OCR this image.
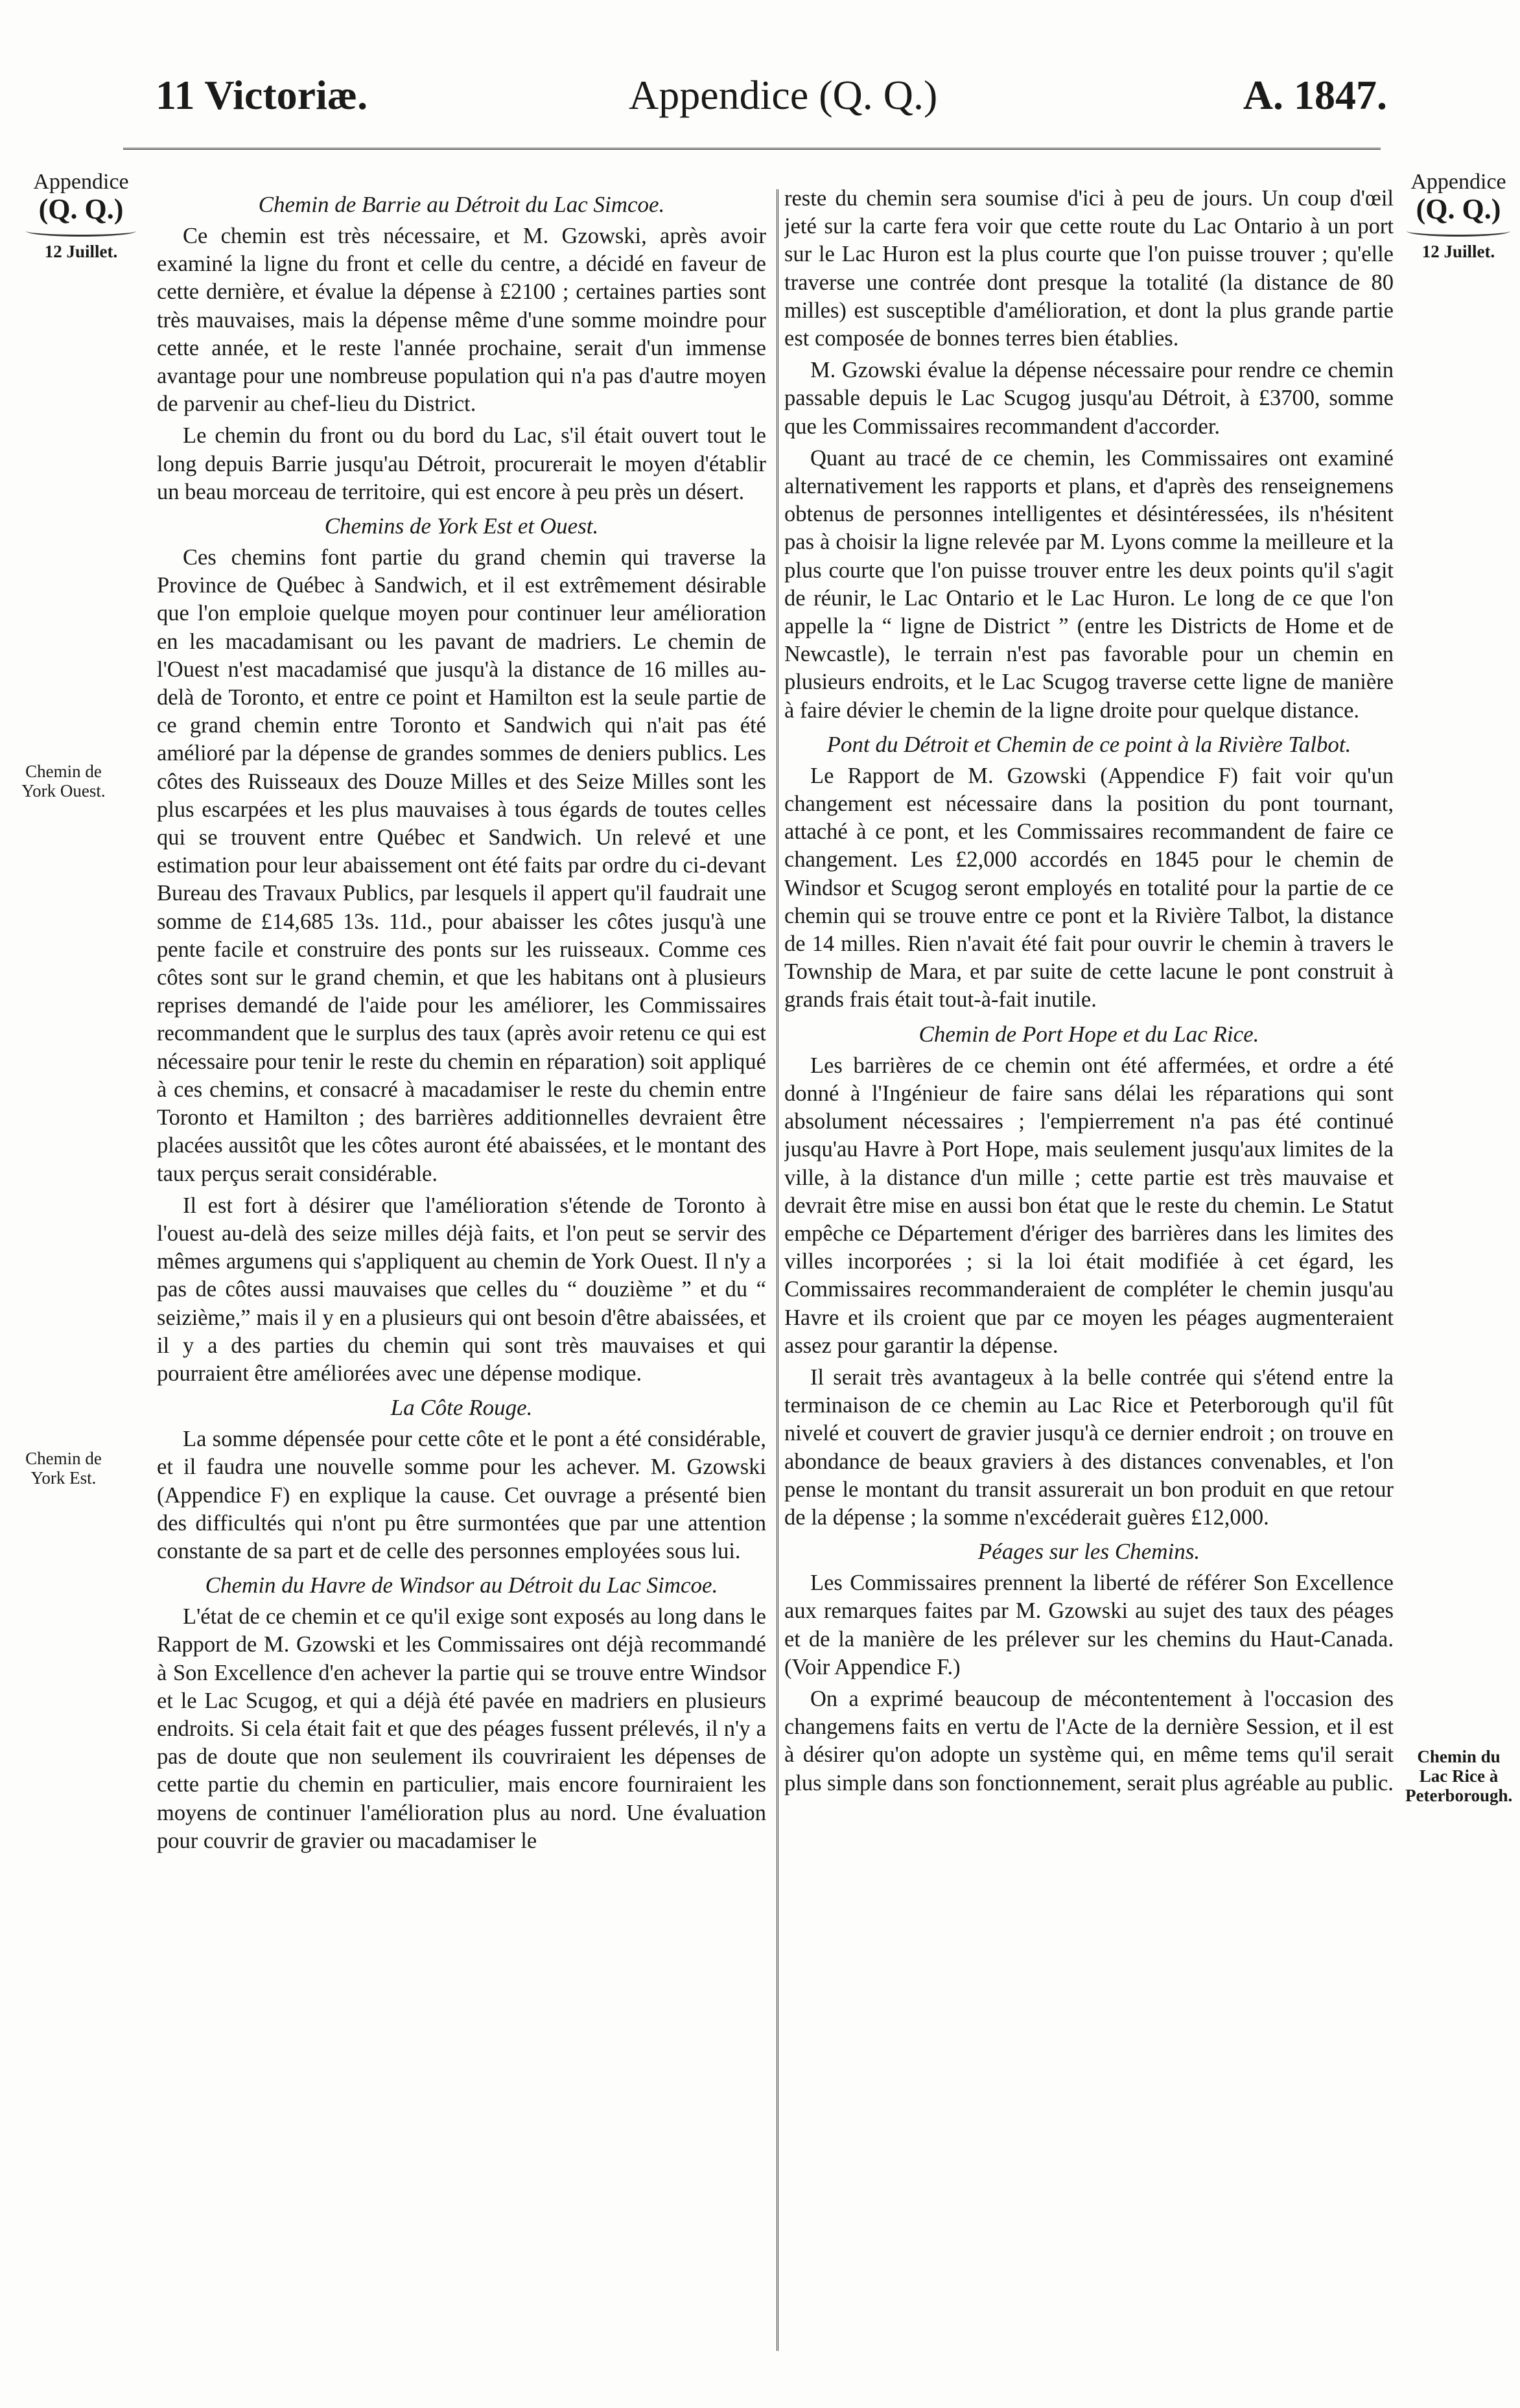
11 Victoriæ.	Appendice (Q. Q.)	A. 1847.
Appendice
(Q. Q.)
12 Juillet.
Chemin de York Ouest.
Chemin de York Est.
Appendice
(Q. Q.)
12 Juillet.
Chemin du Lac Rice à Peterborough.
Chemin de Barrie au Détroit du Lac Simcoe.

Ce chemin est très nécessaire, et M. Gzowski, après avoir examiné la ligne du front et celle du centre, a décidé en faveur de cette dernière, et évalue la dépense à £2100 ; certaines parties sont très mauvaises, mais la dépense même d'une somme moindre pour cette année, et le reste l'année prochaine, serait d'un immense avantage pour une nombreuse population qui n'a pas d'autre moyen de parvenir au chef-lieu du District.

Le chemin du front ou du bord du Lac, s'il était ouvert tout le long depuis Barrie jusqu'au Détroit, procurerait le moyen d'établir un beau morceau de territoire, qui est encore à peu près un désert.

Chemins de York Est et Ouest.

Ces chemins font partie du grand chemin qui traverse la Province de Québec à Sandwich, et il est extrêmement désirable que l'on emploie quelque moyen pour continuer leur amélioration en les macadamisant ou les pavant de madriers. Le chemin de l'Ouest n'est macadamisé que jusqu'à la distance de 16 milles au-delà de Toronto, et entre ce point et Hamilton est la seule partie de ce grand chemin entre Toronto et Sandwich qui n'ait pas été amélioré par la dépense de grandes sommes de deniers publics. Les côtes des Ruisseaux des Douze Milles et des Seize Milles sont les plus escarpées et les plus mauvaises à tous égards de toutes celles qui se trouvent entre Québec et Sandwich. Un relevé et une estimation pour leur abaissement ont été faits par ordre du ci-devant Bureau des Travaux Publics, par lesquels il appert qu'il faudrait une somme de £14,685 13s. 11d., pour abaisser les côtes jusqu'à une pente facile et construire des ponts sur les ruisseaux. Comme ces côtes sont sur le grand chemin, et que les habitans ont à plusieurs reprises demandé de l'aide pour les améliorer, les Commissaires recommandent que le surplus des taux (après avoir retenu ce qui est nécessaire pour tenir le reste du chemin en réparation) soit appliqué à ces chemins, et consacré à macadamiser le reste du chemin entre Toronto et Hamilton ; des barrières additionnelles devraient être placées aussitôt que les côtes auront été abaissées, et le montant des taux perçus serait considérable.

Il est fort à désirer que l'amélioration s'étende de Toronto à l'ouest au-delà des seize milles déjà faits, et l'on peut se servir des mêmes argumens qui s'appliquent au chemin de York Ouest. Il n'y a pas de côtes aussi mauvaises que celles du “ douzième ” et du “ seizième,” mais il y en a plusieurs qui ont besoin d'être abaissées, et il y a des parties du chemin qui sont très mauvaises et qui pourraient être améliorées avec une dépense modique.

La Côte Rouge.

La somme dépensée pour cette côte et le pont a été considérable, et il faudra une nouvelle somme pour les achever. M. Gzowski (Appendice F) en explique la cause. Cet ouvrage a présenté bien des difficultés qui n'ont pu être surmontées que par une attention constante de sa part et de celle des personnes employées sous lui.

Chemin du Havre de Windsor au Détroit du Lac Simcoe.

L'état de ce chemin et ce qu'il exige sont exposés au long dans le Rapport de M. Gzowski et les Commissaires ont déjà recommandé à Son Excellence d'en achever la partie qui se trouve entre Windsor et le Lac Scugog, et qui a déjà été pavée en madriers en plusieurs endroits. Si cela était fait et que des péages fussent prélevés, il n'y a pas de doute que non seulement ils couvriraient les dépenses de cette partie du chemin en particulier, mais encore fourniraient les moyens de continuer l'amélioration plus au nord. Une évaluation pour couvrir de gravier ou macadamiser le

reste du chemin sera soumise d'ici à peu de jours. Un coup d'œil jeté sur la carte fera voir que cette route du Lac Ontario à un port sur le Lac Huron est la plus courte que l'on puisse trouver ; qu'elle traverse une contrée dont presque la totalité (la distance de 80 milles) est susceptible d'amélioration, et dont la plus grande partie est composée de bonnes terres bien établies.

M. Gzowski évalue la dépense nécessaire pour rendre ce chemin passable depuis le Lac Scugog jusqu'au Détroit, à £3700, somme que les Commissaires recommandent d'accorder.

Quant au tracé de ce chemin, les Commissaires ont examiné alternativement les rapports et plans, et d'après des renseignemens obtenus de personnes intelligentes et désintéressées, ils n'hésitent pas à choisir la ligne relevée par M. Lyons comme la meilleure et la plus courte que l'on puisse trouver entre les deux points qu'il s'agit de réunir, le Lac Ontario et le Lac Huron. Le long de ce que l'on appelle la “ ligne de District ” (entre les Districts de Home et de Newcastle), le terrain n'est pas favorable pour un chemin en plusieurs endroits, et le Lac Scugog traverse cette ligne de manière à faire dévier le chemin de la ligne droite pour quelque distance.

Pont du Détroit et Chemin de ce point à la Rivière Talbot.

Le Rapport de M. Gzowski (Appendice F) fait voir qu'un changement est nécessaire dans la position du pont tournant, attaché à ce pont, et les Commissaires recommandent de faire ce changement. Les £2,000 accordés en 1845 pour le chemin de Windsor et Scugog seront employés en totalité pour la partie de ce chemin qui se trouve entre ce pont et la Rivière Talbot, la distance de 14 milles. Rien n'avait été fait pour ouvrir le chemin à travers le Township de Mara, et par suite de cette lacune le pont construit à grands frais était tout-à-fait inutile.

Chemin de Port Hope et du Lac Rice.

Les barrières de ce chemin ont été affermées, et ordre a été donné à l'Ingénieur de faire sans délai les réparations qui sont absolument nécessaires ; l'empierrement n'a pas été continué jusqu'au Havre à Port Hope, mais seulement jusqu'aux limites de la ville, à la distance d'un mille ; cette partie est très mauvaise et devrait être mise en aussi bon état que le reste du chemin. Le Statut empêche ce Département d'ériger des barrières dans les limites des villes incorporées ; si la loi était modifiée à cet égard, les Commissaires recommanderaient de compléter le chemin jusqu'au Havre et ils croient que par ce moyen les péages augmenteraient assez pour garantir la dépense.

Il serait très avantageux à la belle contrée qui s'étend entre la terminaison de ce chemin au Lac Rice et Peterborough qu'il fût nivelé et couvert de gravier jusqu'à ce dernier endroit ; on trouve en abondance de beaux graviers à des distances convenables, et l'on pense le montant du transit assurerait un bon produit en que retour de la dépense ; la somme n'excéderait guères £12,000.

Péages sur les Chemins.

Les Commissaires prennent la liberté de référer Son Excellence aux remarques faites par M. Gzowski au sujet des taux des péages et de la manière de les prélever sur les chemins du Haut-Canada. (Voir Appendice F.)

On a exprimé beaucoup de mécontentement à l'occasion des changemens faits en vertu de l'Acte de la dernière Session, et il est à désirer qu'on adopte un système qui, en même tems qu'il serait plus simple dans son fonctionnement, serait plus agréable au public.
